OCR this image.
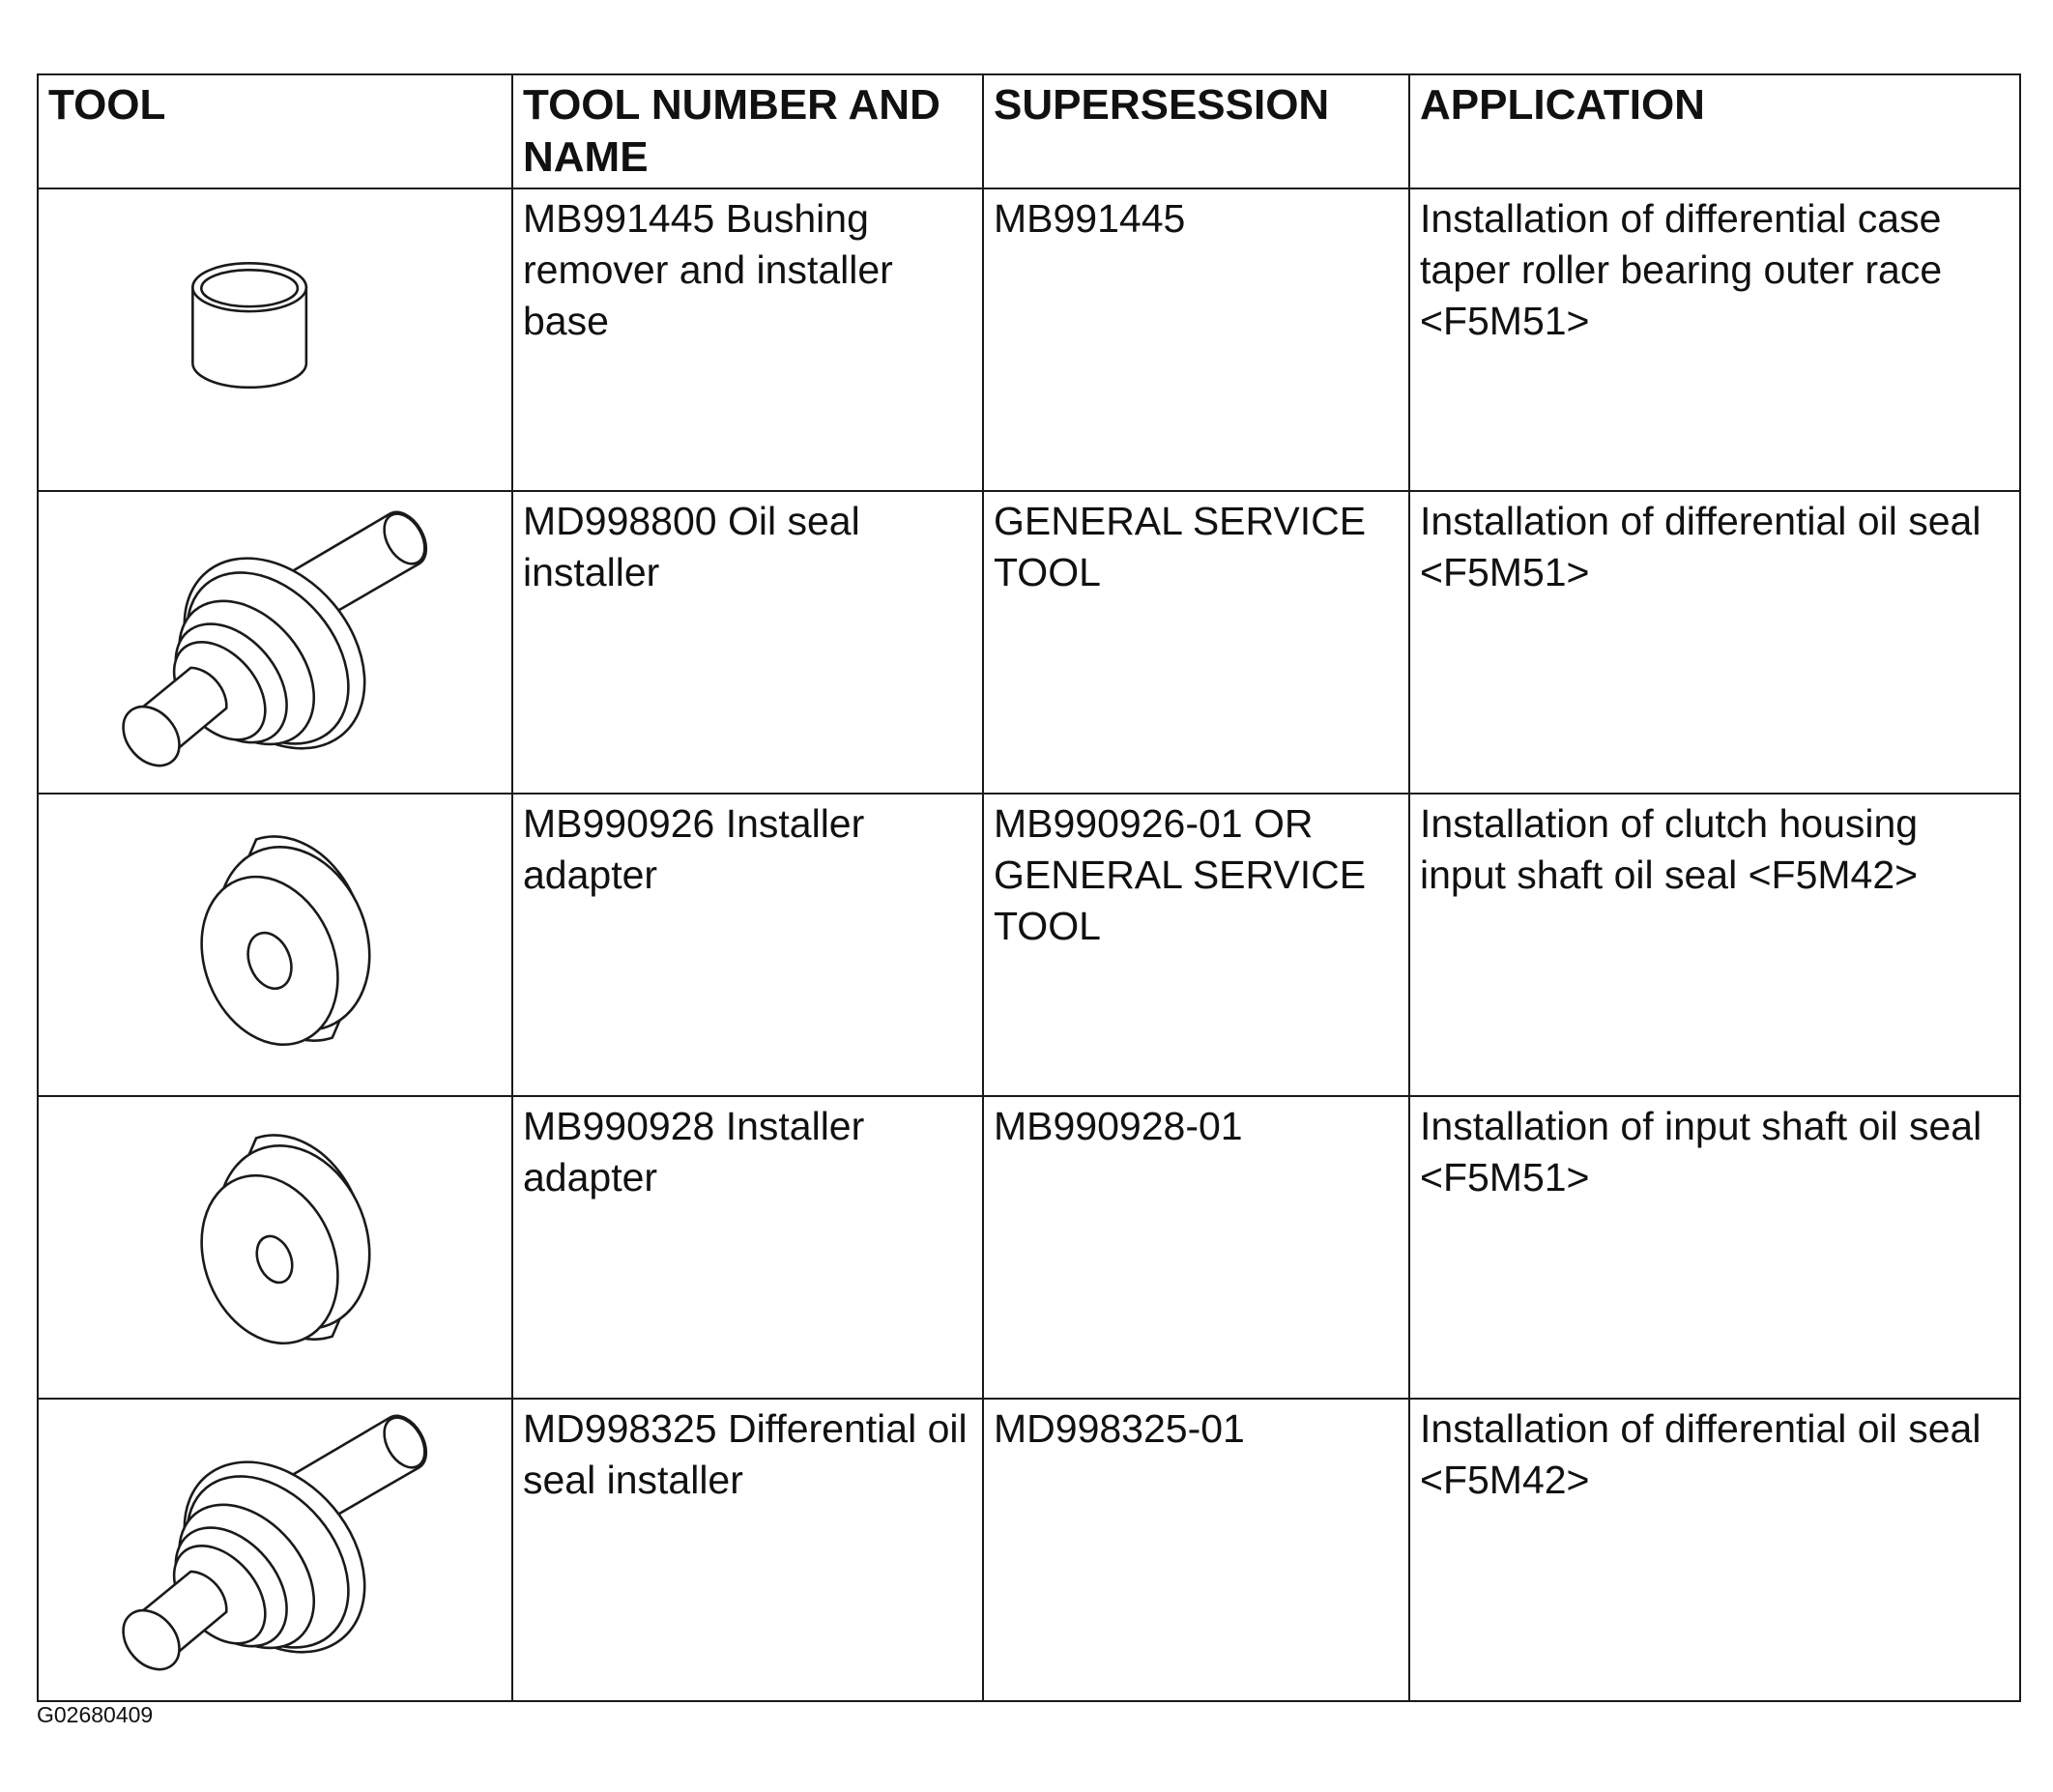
TOOL	TOOL NUMBER AND NAME	SUPERSESSION	APPLICATION

	MB991445 Bushing remover and installer base	MB991445	Installation of differential case taper roller bearing outer race <F5M51>

	MD998800 Oil seal installer	GENERAL SERVICE TOOL	Installation of differential oil seal <F5M51>

	MB990926 Installer adapter	MB990926-01 OR GENERAL SERVICE TOOL	Installation of clutch housing input shaft oil seal <F5M42>

	MB990928 Installer adapter	MB990928-01	Installation of input shaft oil seal <F5M51>

	MD998325 Differential oil seal installer	MD998325-01	Installation of differential oil seal <F5M42>
G02680409
